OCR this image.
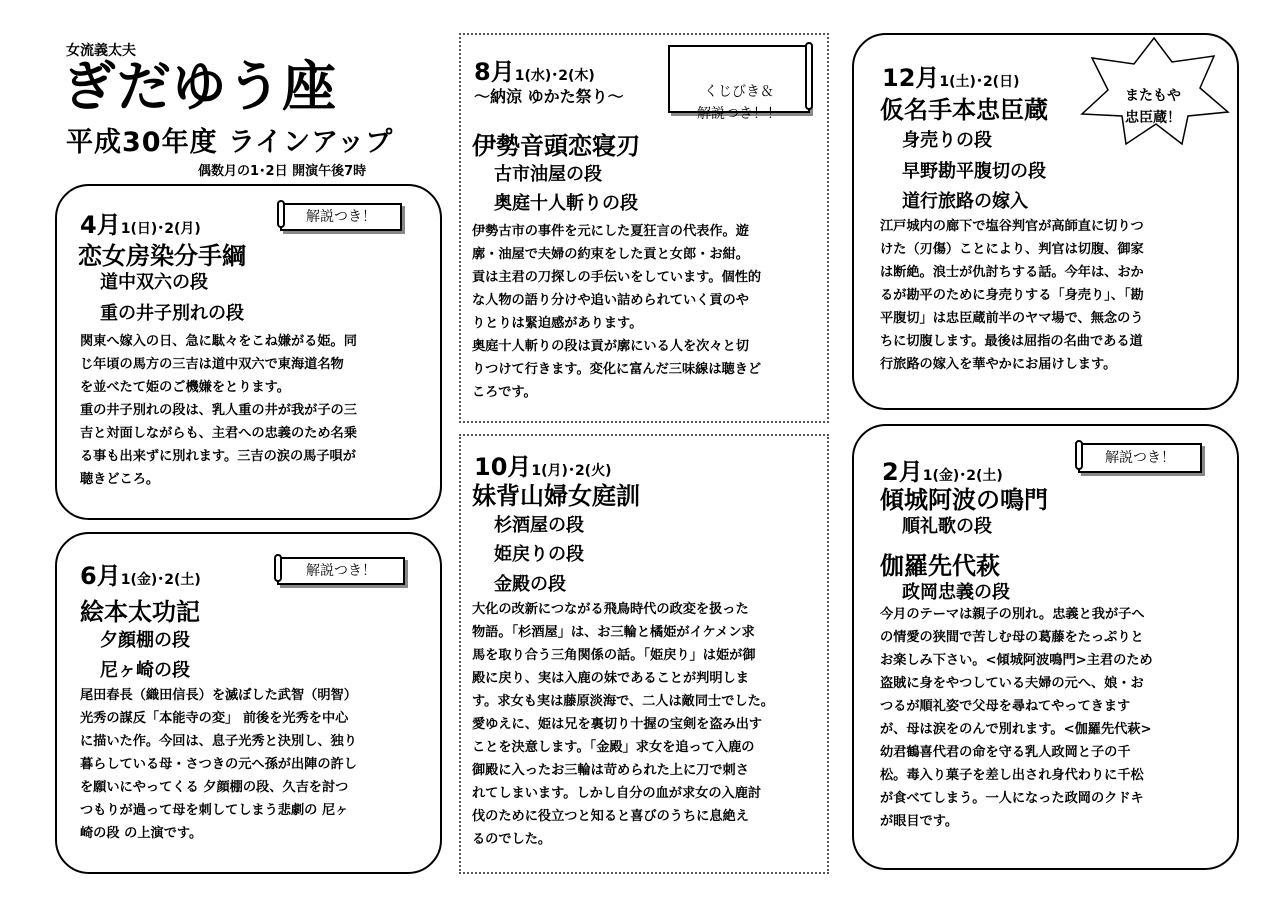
女流義太夫
ぎだゆう座
平成30年度 ラインアップ
偶数月の1･2日 開演午後7時
4月1(日)･2(月)
解説つき！
恋女房染分手綱
道中双六の段
重の井子別れの段
関東へ嫁入の日、急に駄々をこね嫌がる姫。同
じ年頃の馬方の三吉は道中双六で東海道名物
を並べたて姫のご機嫌をとります。
重の井子別れの段は、乳人重の井が我が子の三
吉と対面しながらも、主君への忠義のため名乗
る事も出来ずに別れます。三吉の涙の馬子唄が
聴きどころ。
6月1(金)･2(土)
解説つき！
絵本太功記
夕顔棚の段
尼ヶ崎の段
尾田春長（織田信長）を滅ぼした武智（明智）
光秀の謀反「本能寺の変」 前後を光秀を中心
に描いた作。今回は、息子光秀と決別し、独り
暮らしている母・さつきの元へ孫が出陣の許し
を願いにやってくる 夕顔棚の段、久吉を討つ
つもりが過って母を刺してしまう悲劇の 尼ヶ
崎の段 の上演です。
8月1(水)･2(木)
～納涼 ゆかた祭り～	くじびき＆
解説つき！！

伊勢音頭恋寝刃
古市油屋の段
奥庭十人斬りの段
伊勢古市の事件を元にした夏狂言の代表作。遊
廓・油屋で夫婦の約束をした貢と女郎・お紺。
貢は主君の刀探しの手伝いをしています。個性的
な人物の語り分けや追い詰められていく貢のや
りとりは緊迫感があります。
奥庭十人斬りの段は貢が廓にいる人を次々と切
りつけて行きます。変化に富んだ三味線は聴きど
ころです。
10月1(月)･2(火)
妹背山婦女庭訓
杉酒屋の段
姫戻りの段
金殿の段
大化の改新につながる飛鳥時代の政変を扱った
物語。「杉酒屋」は、お三輪と橘姫がイケメン求
馬を取り合う三角関係の話。「姫戻り」は姫が御
殿に戻り、実は入鹿の妹であることが判明しま
す。求女も実は藤原淡海で、二人は敵同士でした。
愛ゆえに、姫は兄を裏切り十握の宝剣を盗み出す
ことを決意します。「金殿」求女を追って入鹿の
御殿に入ったお三輪は苛められた上に刀で刺さ
れてしまいます。しかし自分の血が求女の入鹿討
伐のために役立つと知ると喜びのうちに息絶え
るのでした。
12月1(土)･2(日)

またもや
忠臣蔵！

仮名手本忠臣蔵
身売りの段
早野勘平腹切の段
道行旅路の嫁入
江戸城内の廊下で塩谷判官が高師直に切りつ
けた（刃傷）ことにより、判官は切腹、御家
は断絶。浪士が仇討ちする話。今年は、おか
るが勘平のために身売りする「身売り」、「勘
平腹切」は忠臣蔵前半のヤマ場で、無念のう
ちに切腹します。最後は屈指の名曲である道
行旅路の嫁入を華やかにお届けします。
2月1(金)･2(土)
解説つき！
傾城阿波の鳴門
順礼歌の段
伽羅先代萩
政岡忠義の段
今月のテーマは親子の別れ。忠義と我が子へ
の情愛の狭間で苦しむ母の葛藤をたっぷりと
お楽しみ下さい。<傾城阿波鳴門>主君のため
盗賊に身をやつしている夫婦の元へ、娘・お
つるが順礼姿で父母を尋ねてやってきます
が、母は涙をのんで別れます。<伽羅先代萩>
幼君鶴喜代君の命を守る乳人政岡と子の千
松。毒入り菓子を差し出され身代わりに千松
が食べてしまう。一人になった政岡のクドキ
が眼目です。
